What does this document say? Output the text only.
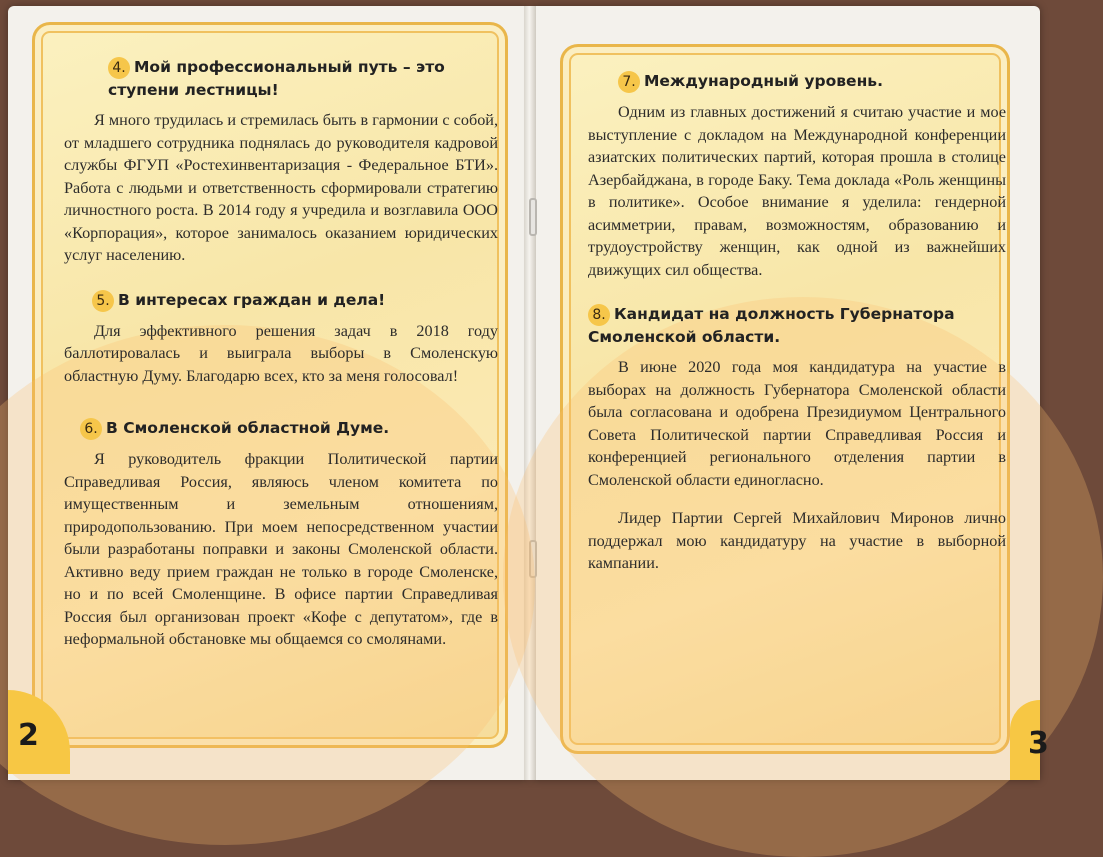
4. Мой профессиональный путь – это ступени лестницы!

Я много трудилась и стремилась быть в гармонии с собой, от младшего сотрудника поднялась до руководителя кадровой службы ФГУП «Ростехинвентаризация - Федеральное БТИ». Работа с людьми и ответственность сформировали стратегию личностного роста. В 2014 году я учредила и возглавила ООО «Корпорация», которое занималось оказанием юридических услуг населению.

5. В интересах граждан и дела!

Для эффективного решения задач в 2018 году баллотировалась и выиграла выборы в Смоленскую областную Думу. Благодарю всех, кто за меня голосовал!

6. В Смоленской областной Думе.

Я руководитель фракции Политической партии Справедливая Россия, являюсь членом комитета по имущественным и земельным отношениям, природопользованию. При моем непосредственном участии были разработаны поправки и законы Смоленской области. Активно веду прием граждан не только в городе Смоленске, но и по всей Смоленщине. В офисе партии Справедливая Россия был организован проект «Кофе с депутатом», где в неформальной обстановке мы общаемся со смолянами.

7. Международный уровень.

Одним из главных достижений я считаю участие и мое выступление с докладом на Международной конференции азиатских политических партий, которая прошла в столице Азербайджана, в городе Баку. Тема доклада «Роль женщины в политике». Особое внимание я уделила: гендерной асимметрии, правам, возможностям, образованию и трудоустройству женщин, как одной из важнейших движущих сил общества.

8. Кандидат на должность Губернатора Смоленской области.

В июне 2020 года моя кандидатура на участие в выборах на должность Губернатора Смоленской области была согласована и одобрена Президиумом Центрального Совета Политической партии Справедливая Россия и конференцией регионального отделения партии в Смоленской области единогласно.

Лидер Партии Сергей Михайлович Миронов лично поддержал мою кандидатуру на участие в выборной кампании.

2	3
